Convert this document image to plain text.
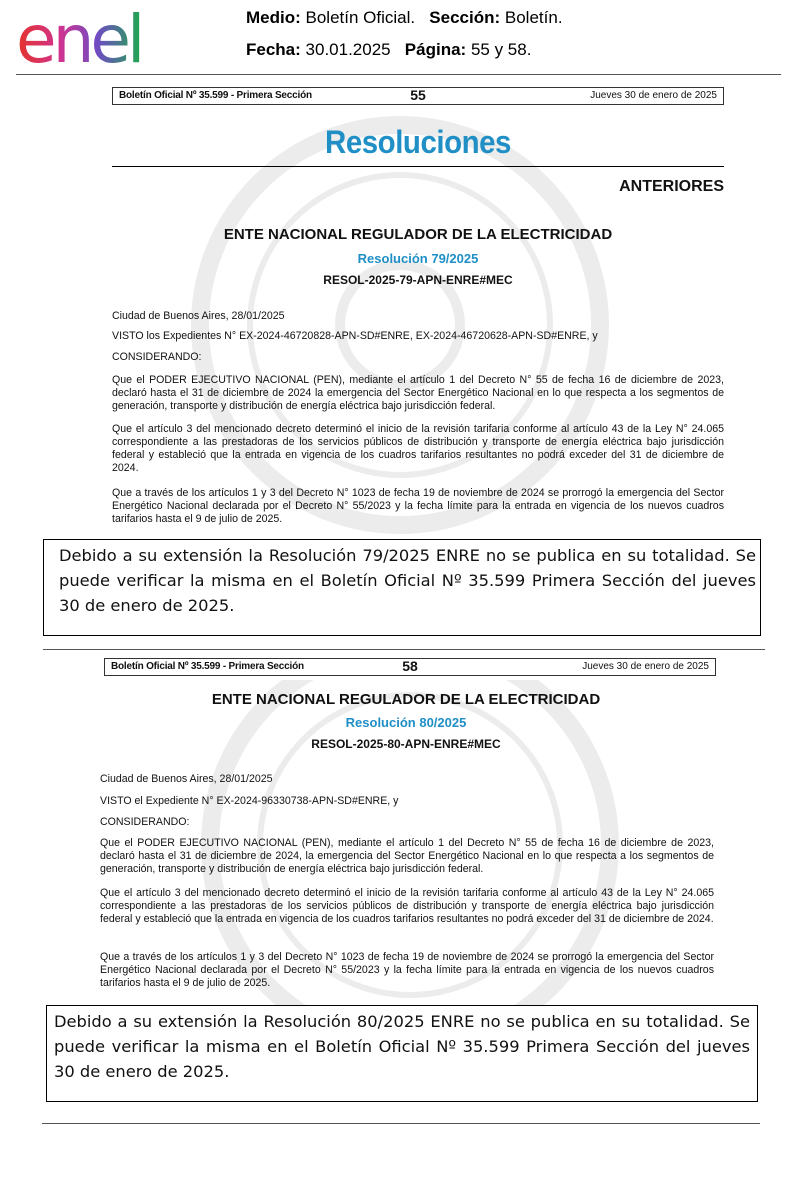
enel	Medio: Boletín Oficial. Sección: Boletín.
Fecha: 30.01.2025 Página: 55 y 58.
Boletín Oficial Nº 35.599 - Primera Sección	55	Jueves 30 de enero de 2025
Resoluciones
ANTERIORES
ENTE NACIONAL REGULADOR DE LA ELECTRICIDAD
Resolución 79/2025
RESOL-2025-79-APN-ENRE#MEC
Ciudad de Buenos Aires, 28/01/2025
VISTO los Expedientes N° EX-2024-46720828-APN-SD#ENRE, EX-2024-46720628-APN-SD#ENRE, y
CONSIDERANDO:
Que el PODER EJECUTIVO NACIONAL (PEN), mediante el artículo 1 del Decreto N° 55 de fecha 16 de diciembre de 2023, declaró hasta el 31 de diciembre de 2024 la emergencia del Sector Energético Nacional en lo que respecta a los segmentos de generación, transporte y distribución de energía eléctrica bajo jurisdicción federal.
Que el artículo 3 del mencionado decreto determinó el inicio de la revisión tarifaria conforme al artículo 43 de la Ley N° 24.065 correspondiente a las prestadoras de los servicios públicos de distribución y transporte de energía eléctrica bajo jurisdicción federal y estableció que la entrada en vigencia de los cuadros tarifarios resultantes no podrá exceder del 31 de diciembre de 2024.
Que a través de los artículos 1 y 3 del Decreto N° 1023 de fecha 19 de noviembre de 2024 se prorrogó la emergencia del Sector Energético Nacional declarada por el Decreto N° 55/2023 y la fecha límite para la entrada en vigencia de los nuevos cuadros tarifarios hasta el 9 de julio de 2025.
Debido a su extensión la Resolución 79/2025 ENRE no se publica en su totalidad. Se puede verificar la misma en el Boletín Oficial Nº 35.599 Primera Sección del jueves 30 de enero de 2025.
Boletín Oficial Nº 35.599 - Primera Sección	58	Jueves 30 de enero de 2025
ENTE NACIONAL REGULADOR DE LA ELECTRICIDAD
Resolución 80/2025
RESOL-2025-80-APN-ENRE#MEC
Ciudad de Buenos Aires, 28/01/2025
VISTO el Expediente N° EX-2024-96330738-APN-SD#ENRE, y
CONSIDERANDO:
Que el PODER EJECUTIVO NACIONAL (PEN), mediante el artículo 1 del Decreto N° 55 de fecha 16 de diciembre de 2023, declaró hasta el 31 de diciembre de 2024, la emergencia del Sector Energético Nacional en lo que respecta a los segmentos de generación, transporte y distribución de energía eléctrica bajo jurisdicción federal.
Que el artículo 3 del mencionado decreto determinó el inicio de la revisión tarifaria conforme al artículo 43 de la Ley N° 24.065 correspondiente a las prestadoras de los servicios públicos de distribución y transporte de energía eléctrica bajo jurisdicción federal y estableció que la entrada en vigencia de los cuadros tarifarios resultantes no podrá exceder del 31 de diciembre de 2024.
Que a través de los artículos 1 y 3 del Decreto N° 1023 de fecha 19 de noviembre de 2024 se prorrogó la emergencia del Sector Energético Nacional declarada por el Decreto N° 55/2023 y la fecha límite para la entrada en vigencia de los nuevos cuadros tarifarios hasta el 9 de julio de 2025.
Debido a su extensión la Resolución 80/2025 ENRE no se publica en su totalidad. Se puede verificar la misma en el Boletín Oficial Nº 35.599 Primera Sección del jueves 30 de enero de 2025.
